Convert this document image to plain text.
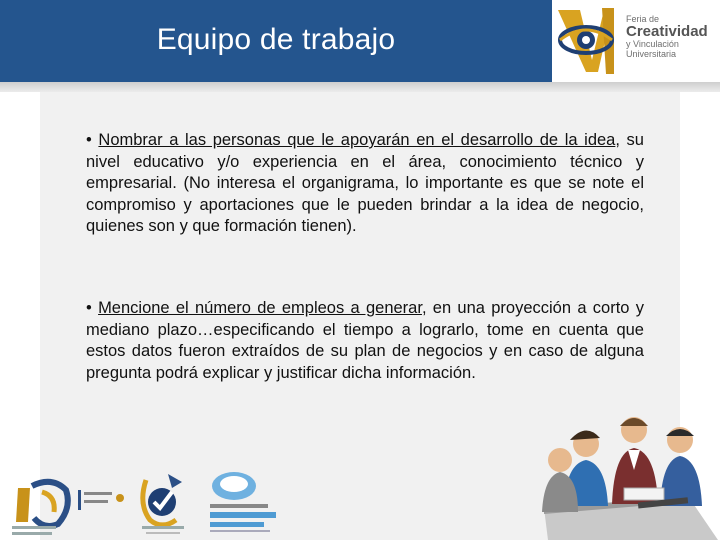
Equipo de trabajo
Feria de
Creatividad
y Vinculación
Universitaria
• Nombrar a las personas que le apoyarán en el desarrollo de la idea, su nivel educativo y/o experiencia en el área, conocimiento técnico y empresarial. (No interesa el organigrama, lo importante es que se note el compromiso y aportaciones que le pueden brindar a la idea de negocio, quienes son y que formación tienen).
• Mencione el número de empleos a generar, en una proyección a corto y mediano plazo…especificando el tiempo a lograrlo, tome en cuenta que estos datos fueron extraídos de su plan de negocios y en caso de alguna pregunta podrá explicar y justificar dicha información.
